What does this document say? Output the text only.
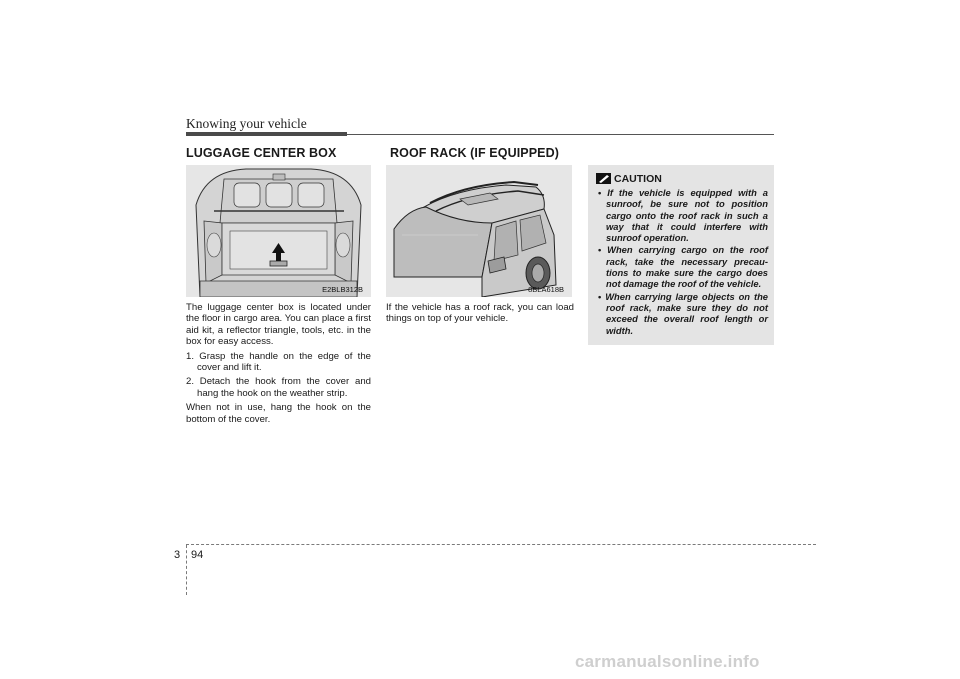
Knowing your vehicle
LUGGAGE CENTER BOX	ROOF RACK (IF EQUIPPED)
E2BLB312B	8BLA618B

The luggage center box is located under the floor in cargo area. You can place a first aid kit, a reflector triangle, tools, etc. in the box for easy access.

1. Grasp the handle on the edge of the cover and lift it.
2. Detach the hook from the cover and hang the hook on the weather strip.

When not in use, hang the hook on the bottom of the cover.

If the vehicle has a roof rack, you can load things on top of your vehicle.
CAUTION
• If the vehicle is equipped with a sunroof, be sure not to position cargo onto the roof rack in such a way that it could interfere with sunroof operation.
• When carrying cargo on the roof rack, take the necessary precau-tions to make sure the cargo does not damage the roof of the vehicle.
• When carrying large objects on the roof rack, make sure they do not exceed the overall roof length or width.
3 94
carmanualsonline.info
